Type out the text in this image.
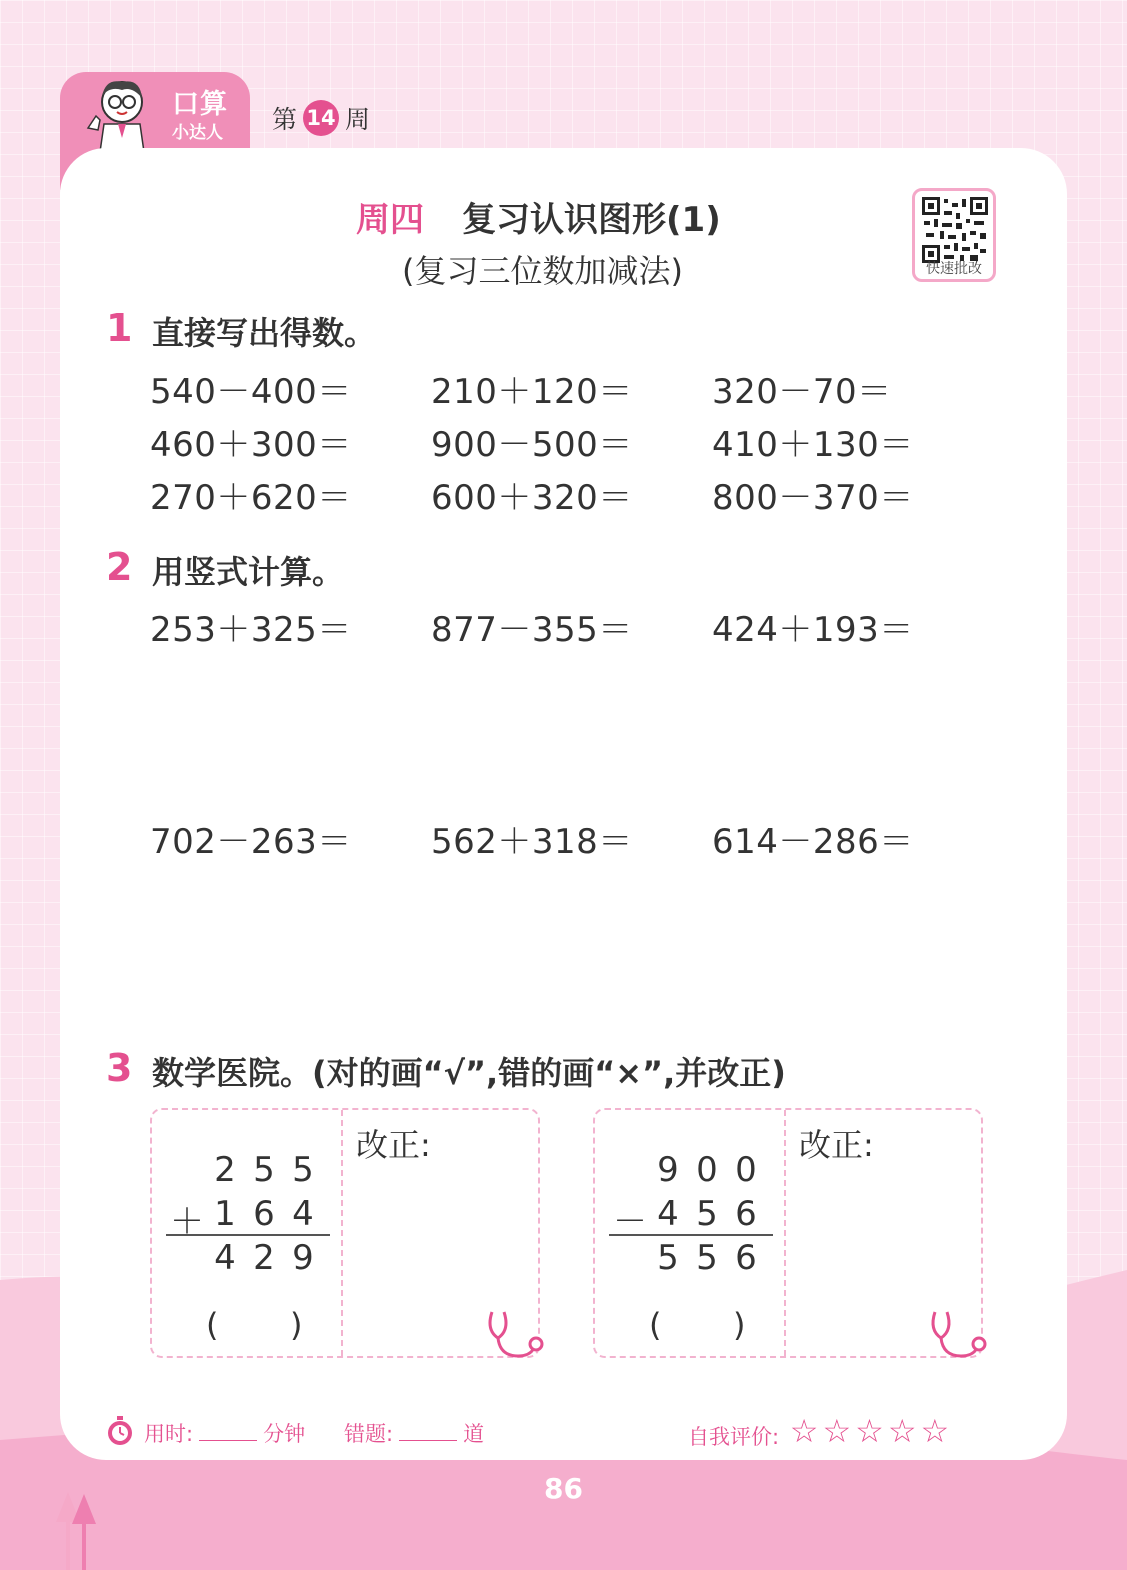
口算
小达人 第 14 周
周四 复习认识图形(1)
(复习三位数加减法)	快速批改
1 直接写出得数。
540－400＝ 210＋120＝ 320－70＝
460＋300＝ 900－500＝ 410＋130＝
270＋620＝ 600＋320＝ 800－370＝
2 用竖式计算。
253＋325＝ 877－355＝ 424＋193＝
702－263＝ 562＋318＝ 614－286＝
3 数学医院。(对的画“√”,错的画“×”,并改正)
2 5 5
＋ 1 6 4
4 2 9
( )
改正:
9 0 0
－ 4 5 6
5 5 6
( )
改正:
用时:	分钟 错题:	道	自我评价: ☆ ☆ ☆ ☆ ☆
86
